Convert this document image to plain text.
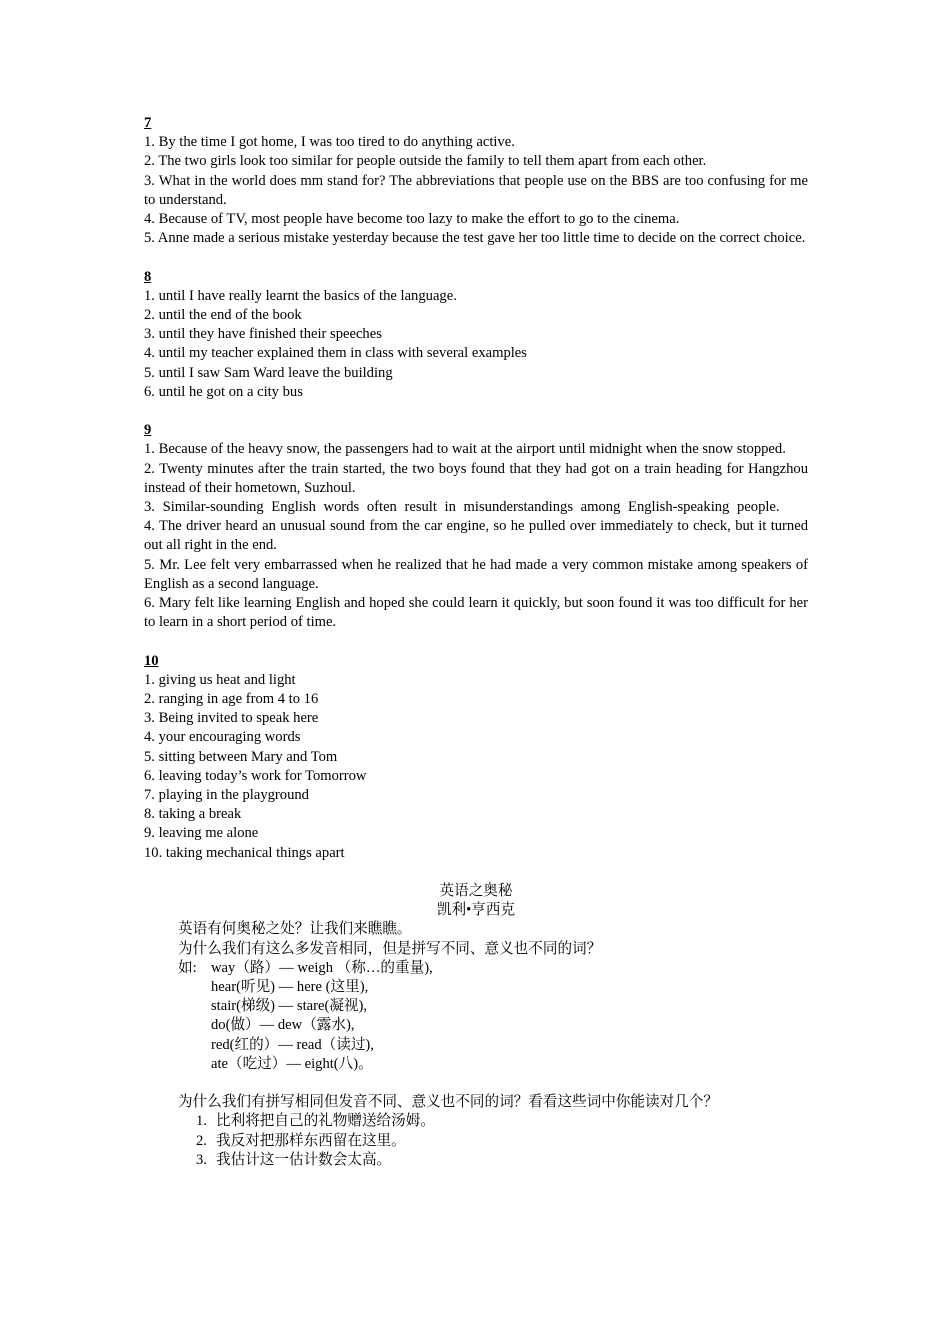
7
1. By the time I got home, I was too tired to do anything active.
2. The two girls look too similar for people outside the family to tell them apart from each other.
3. What in the world does mm stand for? The abbreviations that people use on the BBS are too confusing for me to understand.
4. Because of TV, most people have become too lazy to make the effort to go to the cinema.
5. Anne made a serious mistake yesterday because the test gave her too little time to decide on the correct choice.
8
1. until I have really learnt the basics of the language.
2. until the end of the book
3. until they have finished their speeches
4. until my teacher explained them in class with several examples
5. until I saw Sam Ward leave the building
6. until he got on a city bus
9
1. Because of the heavy snow, the passengers had to wait at the airport until midnight when the snow stopped.
2. Twenty minutes after the train started, the two boys found that they had got on a train heading for Hangzhou instead of their hometown, Suzhoul.
3. Similar-sounding English words often result in misunderstandings among English-speaking people.
4. The driver heard an unusual sound from the car engine, so he pulled over immediately to check, but it turned out all right in the end.
5. Mr. Lee felt very embarrassed when he realized that he had made a very common mistake among speakers of English as a second language.
6. Mary felt like learning English and hoped she could learn it quickly, but soon found it was too difficult for her to learn in a short period of time.
10
1. giving us heat and light
2. ranging in age from 4 to 16
3. Being invited to speak here
4. your encouraging words
5. sitting between Mary and Tom
6. leaving today’s work for Tomorrow
7. playing in the playground
8. taking a break
9. leaving me alone
10. taking mechanical things apart
英语之奥秘
凯利•亨西克
英语有何奥秘之处？让我们来瞧瞧。
为什么我们有这么多发音相同，但是拼写不同、意义也不同的词？
如: way（路）— weigh （称…的重量),
hear(听见) — here (这里),
stair(梯级) — stare(凝视),
do(做）— dew（露水),
red(红的）— read（读过),
ate（吃过）— eight(八)。
为什么我们有拼写相同但发音不同、意义也不同的词？看看这些词中你能读对几个？
1. 比利将把自己的礼物赠送给汤姆。
2. 我反对把那样东西留在这里。
3. 我估计这一估计数会太高。
